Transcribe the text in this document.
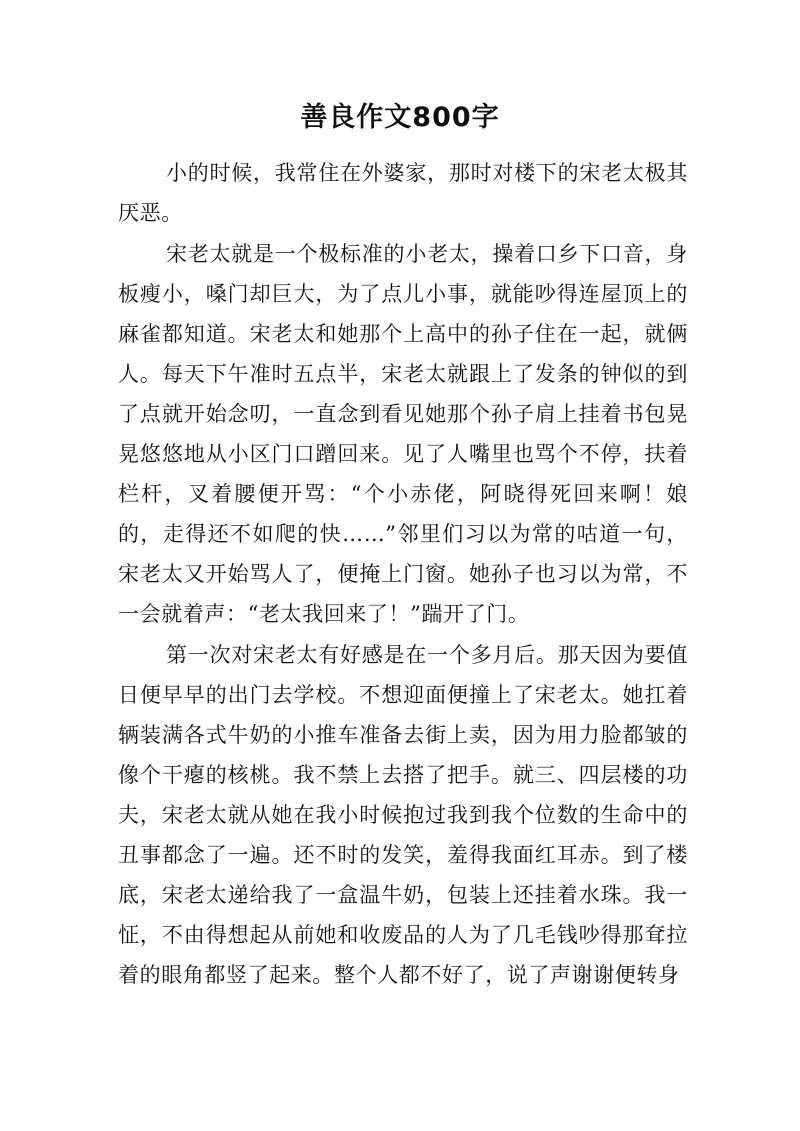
善良作文800字

小的时候，我常住在外婆家，那时对楼下的宋老太极其厌恶。

宋老太就是一个极标准的小老太，操着口乡下口音，身板瘦小，嗓门却巨大，为了点儿小事，就能吵得连屋顶上的麻雀都知道。宋老太和她那个上高中的孙子住在一起，就俩人。每天下午准时五点半，宋老太就跟上了发条的钟似的到了点就开始念叨，一直念到看见她那个孙子肩上挂着书包晃晃悠悠地从小区门口蹭回来。见了人嘴里也骂个不停，扶着栏杆，叉着腰便开骂：“个小赤佬，阿晓得死回来啊！娘的，走得还不如爬的快……”邻里们习以为常的咕道一句，宋老太又开始骂人了，便掩上门窗。她孙子也习以为常，不一会就着声：“老太我回来了！”踹开了门。

第一次对宋老太有好感是在一个多月后。那天因为要值日便早早的出门去学校。不想迎面便撞上了宋老太。她扛着辆装满各式牛奶的小推车准备去街上卖，因为用力脸都皱的像个干瘪的核桃。我不禁上去搭了把手。就三、四层楼的功夫，宋老太就从她在我小时候抱过我到我个位数的生命中的丑事都念了一遍。还不时的发笑，羞得我面红耳赤。到了楼底，宋老太递给我了一盒温牛奶，包装上还挂着水珠。我一怔，不由得想起从前她和收废品的人为了几毛钱吵得那耷拉着的眼角都竖了起来。整个人都不好了，说了声谢谢便转身
